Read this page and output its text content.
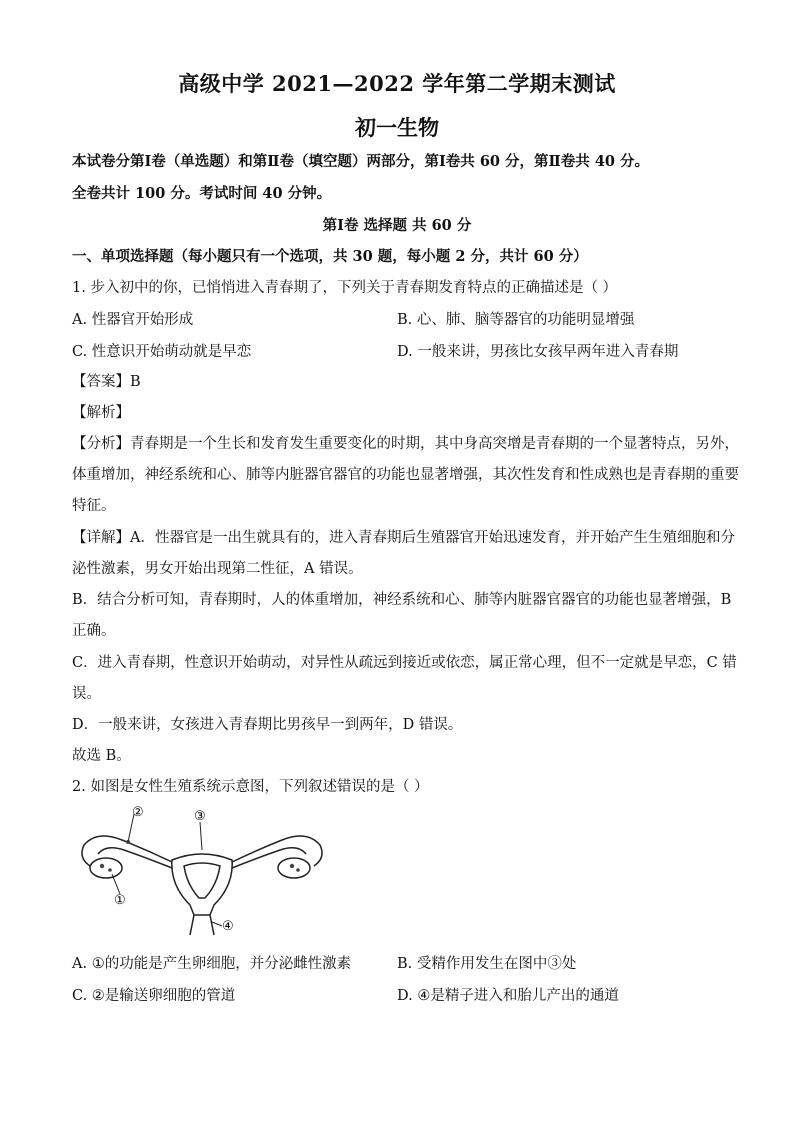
高级中学 2021—2022 学年第二学期末测试
初一生物
本试卷分第Ⅰ卷（单选题）和第Ⅱ卷（填空题）两部分，第Ⅰ卷共 60 分，第Ⅱ卷共 40 分。
全卷共计 100 分。考试时间 40 分钟。
第Ⅰ卷 选择题 共 60 分
一、单项选择题（每小题只有一个选项，共 30 题，每小题 2 分，共计 60 分）
1. 步入初中的你，已悄悄进入青春期了，下列关于青春期发育特点的正确描述是（ ）
A. 性器官开始形成	B. 心、肺、脑等器官的功能明显增强
C. 性意识开始萌动就是早恋	D. 一般来讲，男孩比女孩早两年进入青春期
【答案】B
【解析】
【分析】青春期是一个生长和发育发生重要变化的时期，其中身高突增是青春期的一个显著特点，另外，
体重增加，神经系统和心、肺等内脏器官器官的功能也显著增强，其次性发育和性成熟也是青春期的重要
特征。
【详解】A．性器官是一出生就具有的，进入青春期后生殖器官开始迅速发育，并开始产生生殖细胞和分
泌性激素，男女开始出现第二性征，A 错误。
B．结合分析可知，青春期时，人的体重增加，神经系统和心、肺等内脏器官器官的功能也显著增强，B
正确。
C．进入青春期，性意识开始萌动，对异性从疏远到接近或依恋，属正常心理，但不一定就是早恋，C 错
误。
D．一般来讲，女孩进入青春期比男孩早一到两年，D 错误。
故选 B。
2. 如图是女性生殖系统示意图，下列叙述错误的是（ ）
②	③
①
④
A. ①的功能是产生卵细胞，并分泌雌性激素	B. 受精作用发生在图中③处
C. ②是输送卵细胞的管道	D. ④是精子进入和胎儿产出的通道
